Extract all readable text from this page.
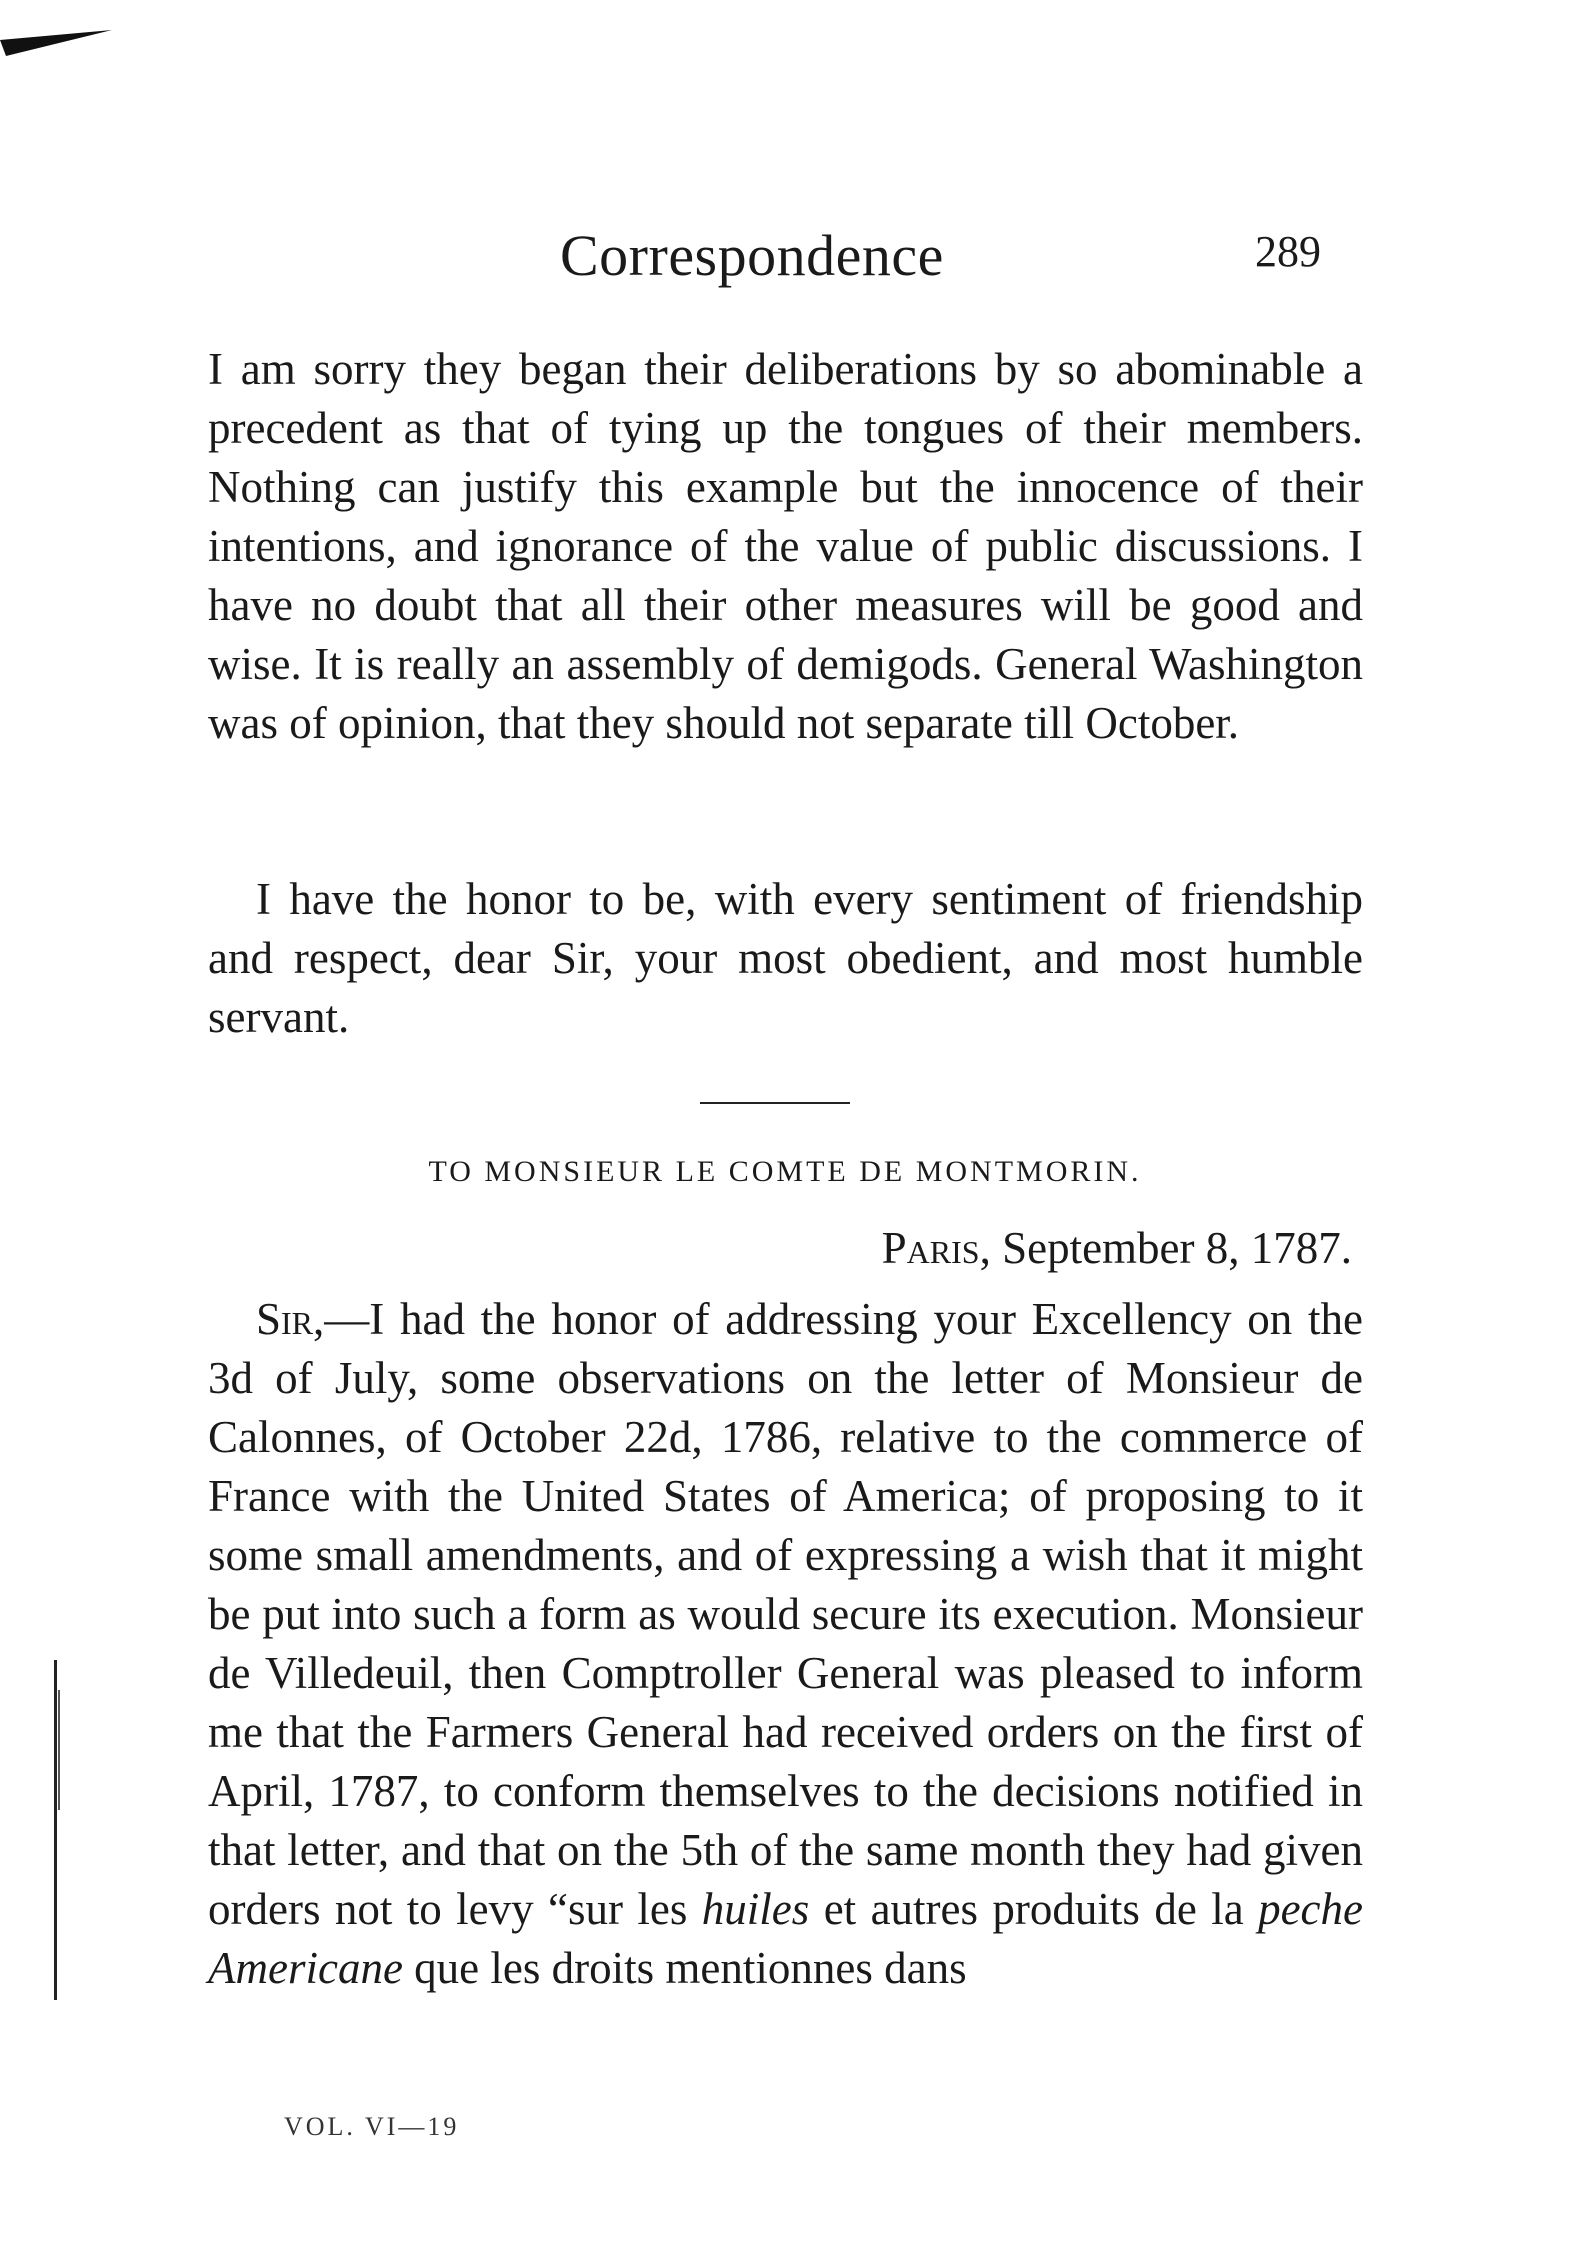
Correspondence	289

I am sorry they began their deliberations by so abominable a precedent as that of tying up the tongues of their members. Nothing can justify this example but the innocence of their intentions, and ignorance of the value of public discussions. I have no doubt that all their other measures will be good and wise. It is really an assembly of demigods. General Washington was of opinion, that they should not separate till October.

I have the honor to be, with every sentiment of friendship and respect, dear Sir, your most obedient, and most humble servant.

TO MONSIEUR LE COMTE DE MONTMORIN.
Paris, September 8, 1787.

Sir,—I had the honor of addressing your Excellency on the 3d of July, some observations on the letter of Monsieur de Calonnes, of October 22d, 1786, relative to the commerce of France with the United States of America; of proposing to it some small amendments, and of expressing a wish that it might be put into such a form as would secure its execution. Monsieur de Villedeuil, then Comptroller General was pleased to inform me that the Farmers General had received orders on the first of April, 1787, to conform themselves to the decisions notified in that letter, and that on the 5th of the same month they had given orders not to levy “sur les huiles et autres produits de la peche Americane que les droits mentionnes dans

VOL. VI—19
